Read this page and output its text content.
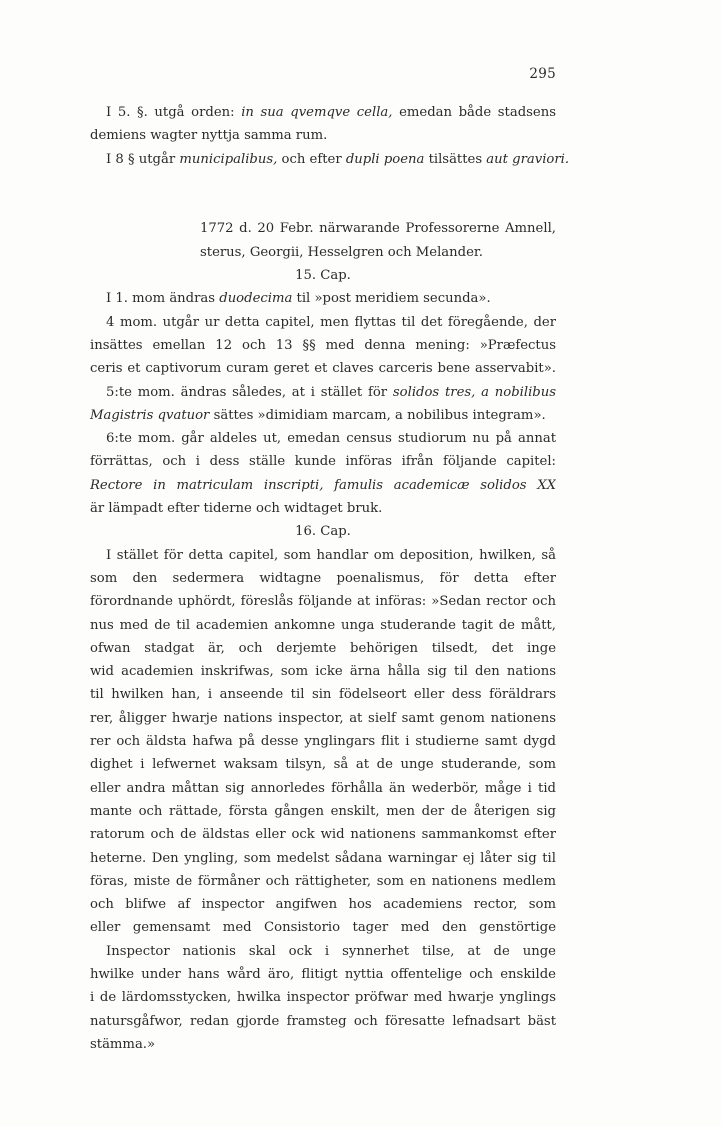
295
I 5. §. utgå orden: in sua qvemqve cella, emedan både stadsens
demiens wagter nyttja samma rum.
I 8 § utgår municipalibus, och efter dupli poena tilsättes aut graviori.
1772 d. 20 Febr. närwarande Professorerne Amnell,
sterus, Georgii, Hesselgren och Melander.
15. Cap.
I 1. mom ändras duodecima til »post meridiem secunda».
4 mom. utgår ur detta capitel, men flyttas til det föregående, der
insättes emellan 12 och 13 §§ med denna mening: »Præfectus
ceris et captivorum curam geret et claves carceris bene asservabit».
5:te mom. ändras således, at i stället för solidos tres, a nobilibus
Magistris qvatuor sättes »dimidiam marcam, a nobilibus integram».
6:te mom. går aldeles ut, emedan census studiorum nu på annat
förrättas, och i dess ställe kunde införas ifrån följande capitel:
Rectore in matriculam inscripti, famulis academicæ solidos XX
är lämpadt efter tiderne och widtaget bruk.
16. Cap.
I stället för detta capitel, som handlar om deposition, hwilken, så
som den sedermera widtagne poenalismus, för detta efter
förordnande uphördt, föreslås följande at införas: »Sedan rector och
nus med de til academien ankomne unga studerande tagit de mått,
ofwan stadgat är, och derjemte behörigen tilsedt, det inge
wid academien inskrifwas, som icke ärna hålla sig til den nations
til hwilken han, i anseende til sin födelseort eller dess föräldrars
rer, åligger hwarje nations inspector, at sielf samt genom nationens
rer och äldsta hafwa på desse ynglingars flit i studierne samt dygd
dighet i lefwernet waksam tilsyn, så at de unge studerande, som
eller andra måttan sig annorledes förhålla än wederbör, måge i tid
mante och rättade, första gången enskilt, men der de återigen sig
ratorum och de äldstas eller ock wid nationens sammankomst efter
heterne. Den yngling, som medelst sådana warningar ej låter sig til
föras, miste de förmåner och rättigheter, som en nationens medlem
och blifwe af inspector angifwen hos academiens rector, som
eller gemensamt med Consistorio tager med den genstörtige
Inspector nationis skal ock i synnerhet tilse, at de unge
hwilke under hans wård äro, flitigt nyttia offentelige och enskilde
i de lärdomsstycken, hwilka inspector pröfwar med hwarje ynglings
natursgåfwor, redan gjorde framsteg och föresatte lefnadsart bäst
stämma.»
